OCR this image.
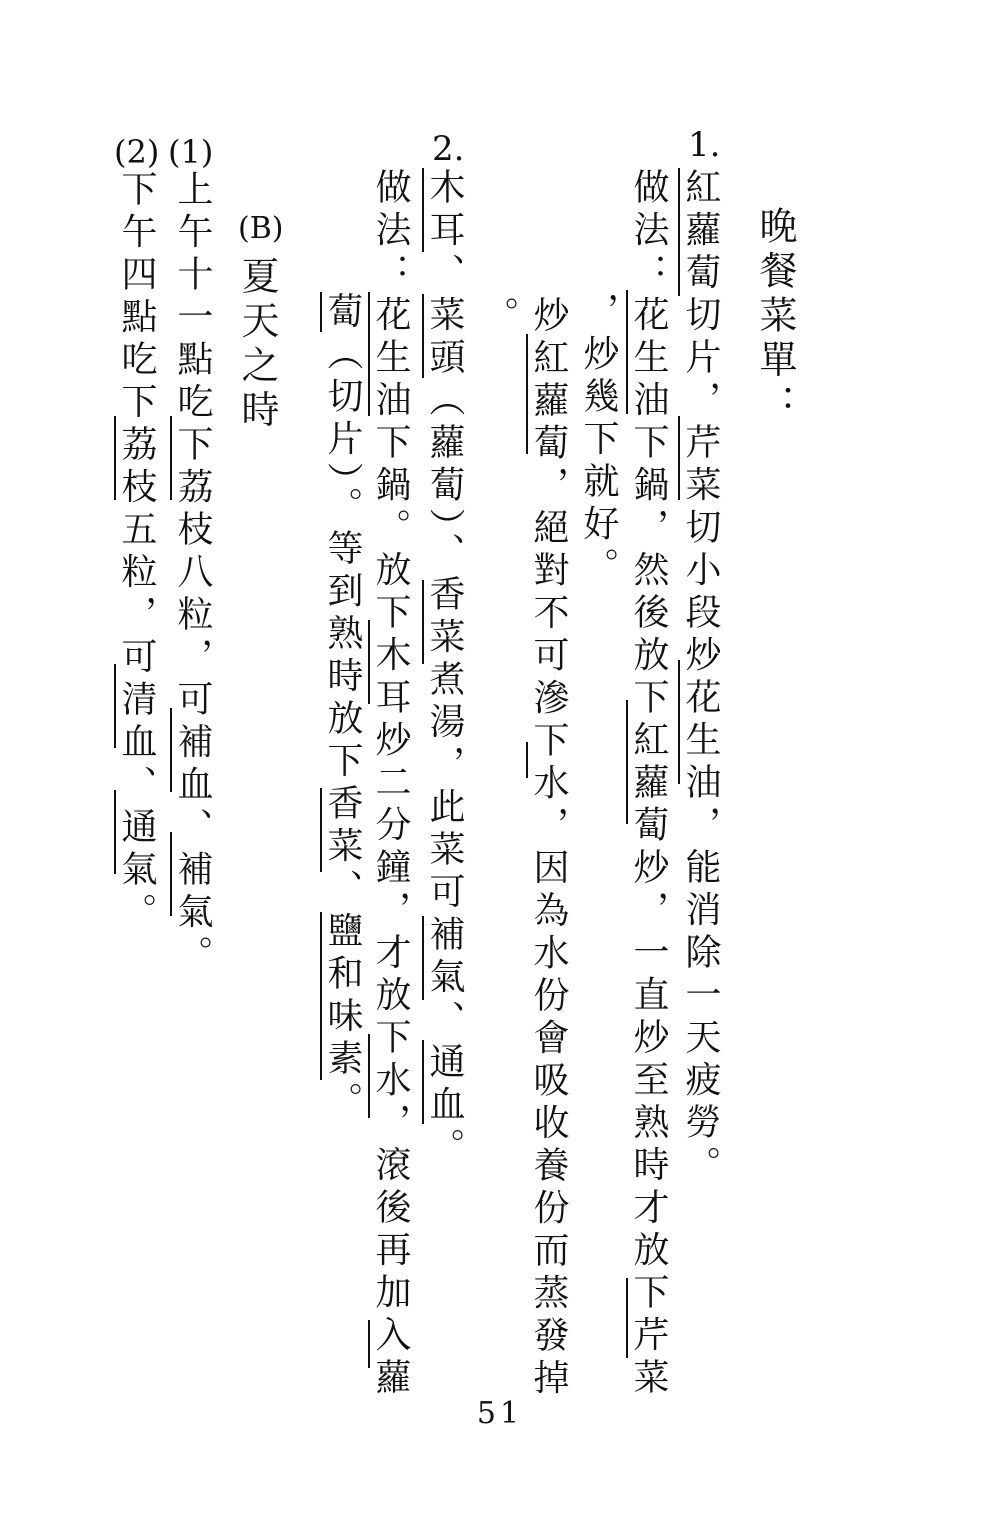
晚餐菜單：
1.
紅蘿蔔切片，芹菜切小段炒花生油，能消除一天疲勞。
做法：花生油下鍋，然後放下紅蘿蔔炒，一直炒至熟時才放下芹菜
，炒幾下就好。
炒紅蘿蔔，絕對不可滲下水，因為水份會吸收養份而蒸發掉
。
2.
木耳、菜頭（蘿蔔）、香菜煮湯，此菜可補氣、通血。
做法：花生油下鍋。放下木耳炒二分鐘，才放下水，滾後再加入蘿
蔔（切片）。等到熟時放下香菜、鹽和味素。
(B)
夏天之時
(1)
上午十一點吃下荔枝八粒，可補血、補氣。
(2)
下午四點吃下荔枝五粒，可清血、通氣。
51
